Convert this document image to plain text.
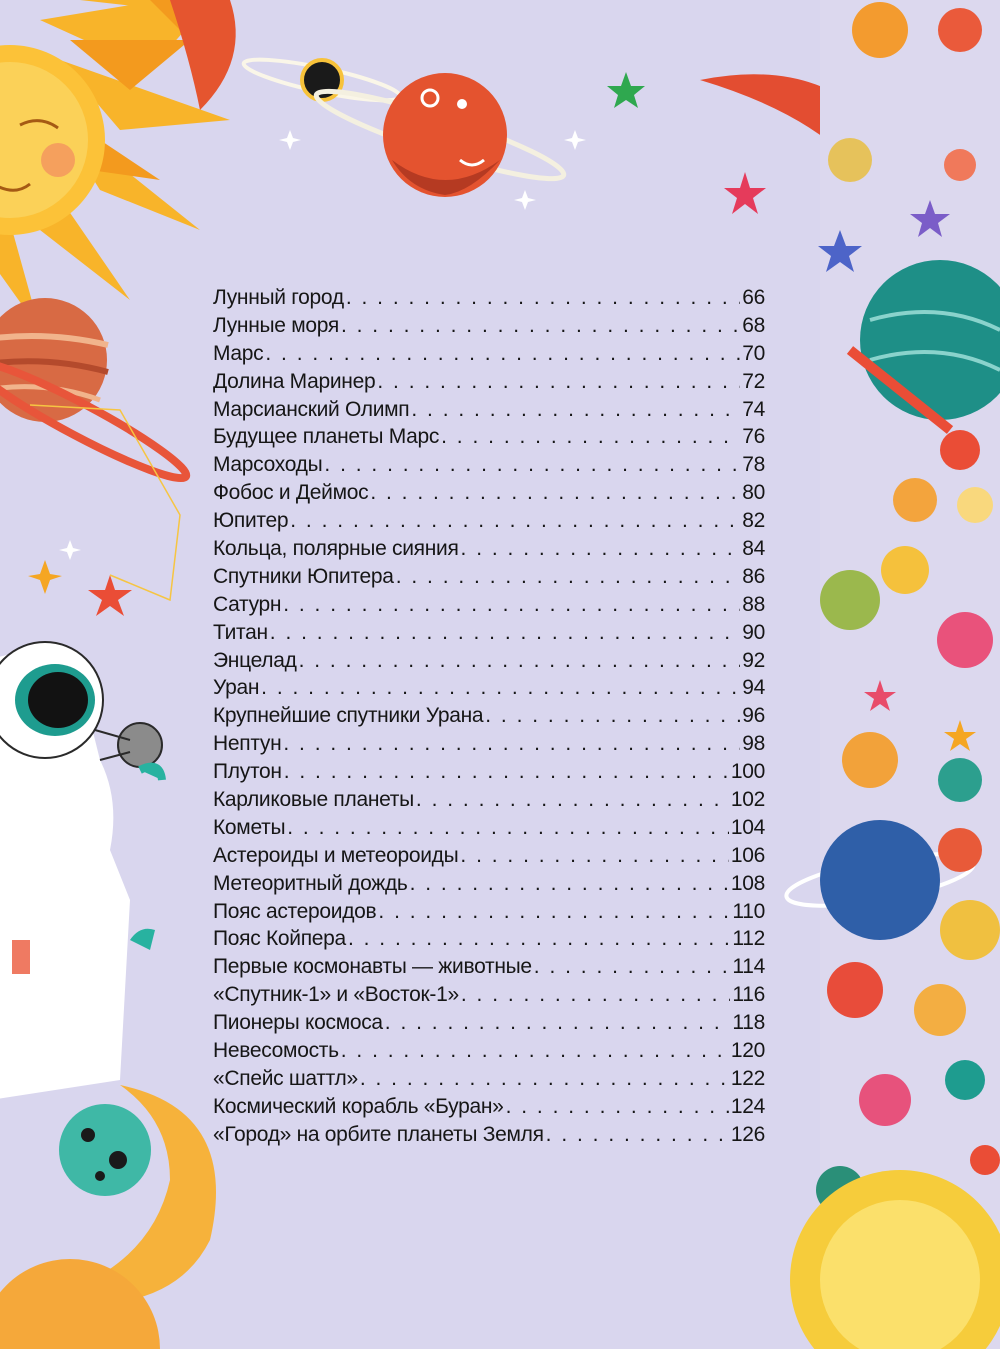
Лунный город . . .	66
Лунные моря . . .	68
Марс . . .	70
Долина Маринер . . .	72
Марсианский Олимп . . .	74
Будущее планеты Марс . . .	76
Марсоходы . . .	78
Фобос и Деймос . . .	80
Юпитер . . .	82
Кольца, полярные сияния . . .	84
Спутники Юпитера . . .	86
Сатурн . . .	88
Титан . . .	90
Энцелад . . .	92
Уран . . .	94
Крупнейшие спутники Урана . . .	96
Нептун . . .	98
Плутон . . .	100
Карликовые планеты . . .	102
Кометы . . .	104
Астероиды и метеороиды . . .	106
Метеоритный дождь . . .	108
Пояс астероидов . . .	110
Пояс Койпера . . .	112
Первые космонавты — животные . . .	114
«Спутник-1» и «Восток-1» . . .	116
Пионеры космоса . . .	118
Невесомость . . .	120
«Спейс шаттл» . . .	122
Космический корабль «Буран» . . .	124
«Город» на орбите планеты Земля . . .	126
